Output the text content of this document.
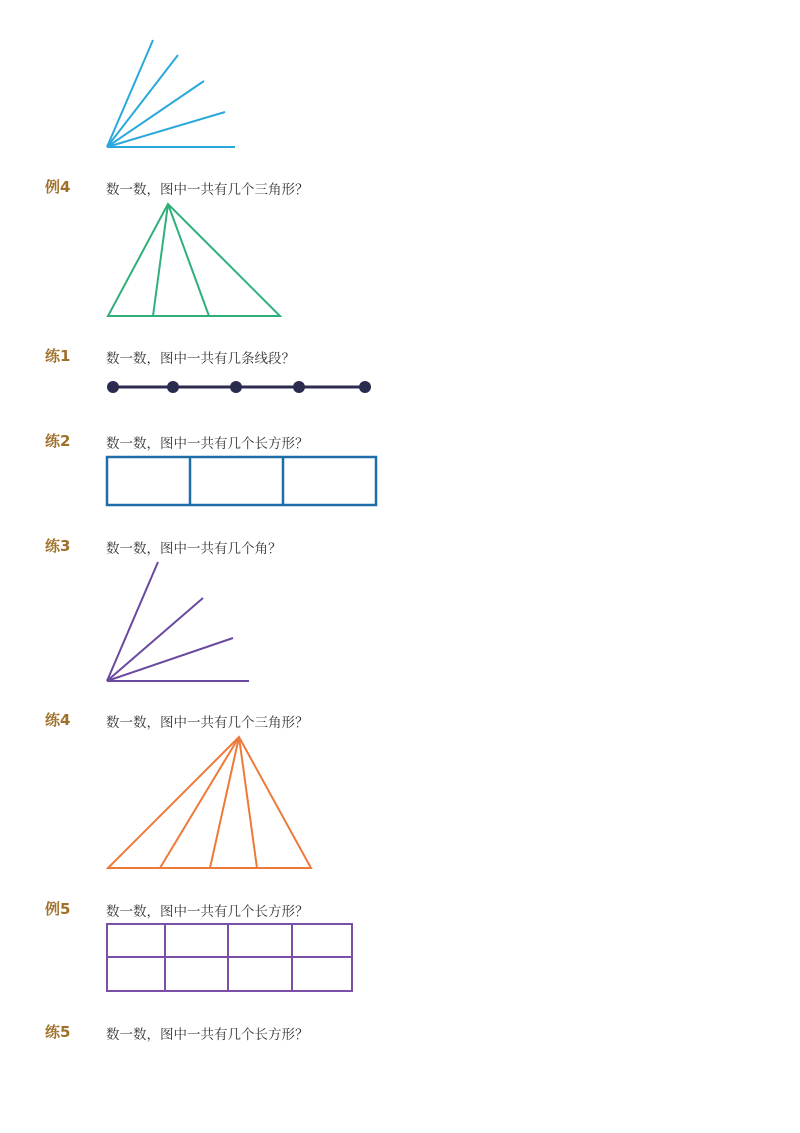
例4	数一数，图中一共有几个三角形？
练1	数一数，图中一共有几条线段？
练2	数一数，图中一共有几个长方形？
练3	数一数，图中一共有几个角？
练4	数一数，图中一共有几个三角形？
例5	数一数，图中一共有几个长方形？
练5	数一数，图中一共有几个长方形？
